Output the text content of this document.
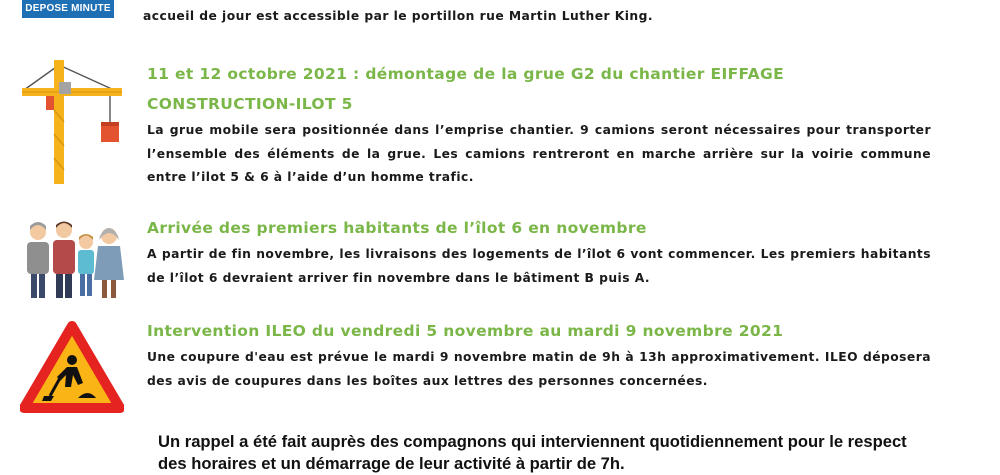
DEPOSE MINUTE
accueil de jour est accessible par le portillon rue Martin Luther King.
11 et 12 octobre 2021 : démontage de la grue G2 du chantier EIFFAGE CONSTRUCTION-ILOT 5
La grue mobile sera positionnée dans l’emprise chantier. 9 camions seront nécessaires pour transporter l’ensemble des éléments de la grue. Les camions rentreront en marche arrière sur la voirie commune entre l’ilot 5 & 6 à l’aide d’un homme trafic.
Arrivée des premiers habitants de l’îlot 6 en novembre
A partir de fin novembre, les livraisons des logements de l’îlot 6 vont commencer. Les premiers habitants de l’îlot 6 devraient arriver fin novembre dans le bâtiment B puis A.
Intervention ILEO du vendredi 5 novembre au mardi 9 novembre 2021
Une coupure d'eau est prévue le mardi 9 novembre matin de 9h à 13h approximativement. ILEO déposera des avis de coupures dans les boîtes aux lettres des personnes concernées.
Un rappel a été fait auprès des compagnons qui interviennent quotidiennement pour le respect des horaires et un démarrage de leur activité à partir de 7h.
